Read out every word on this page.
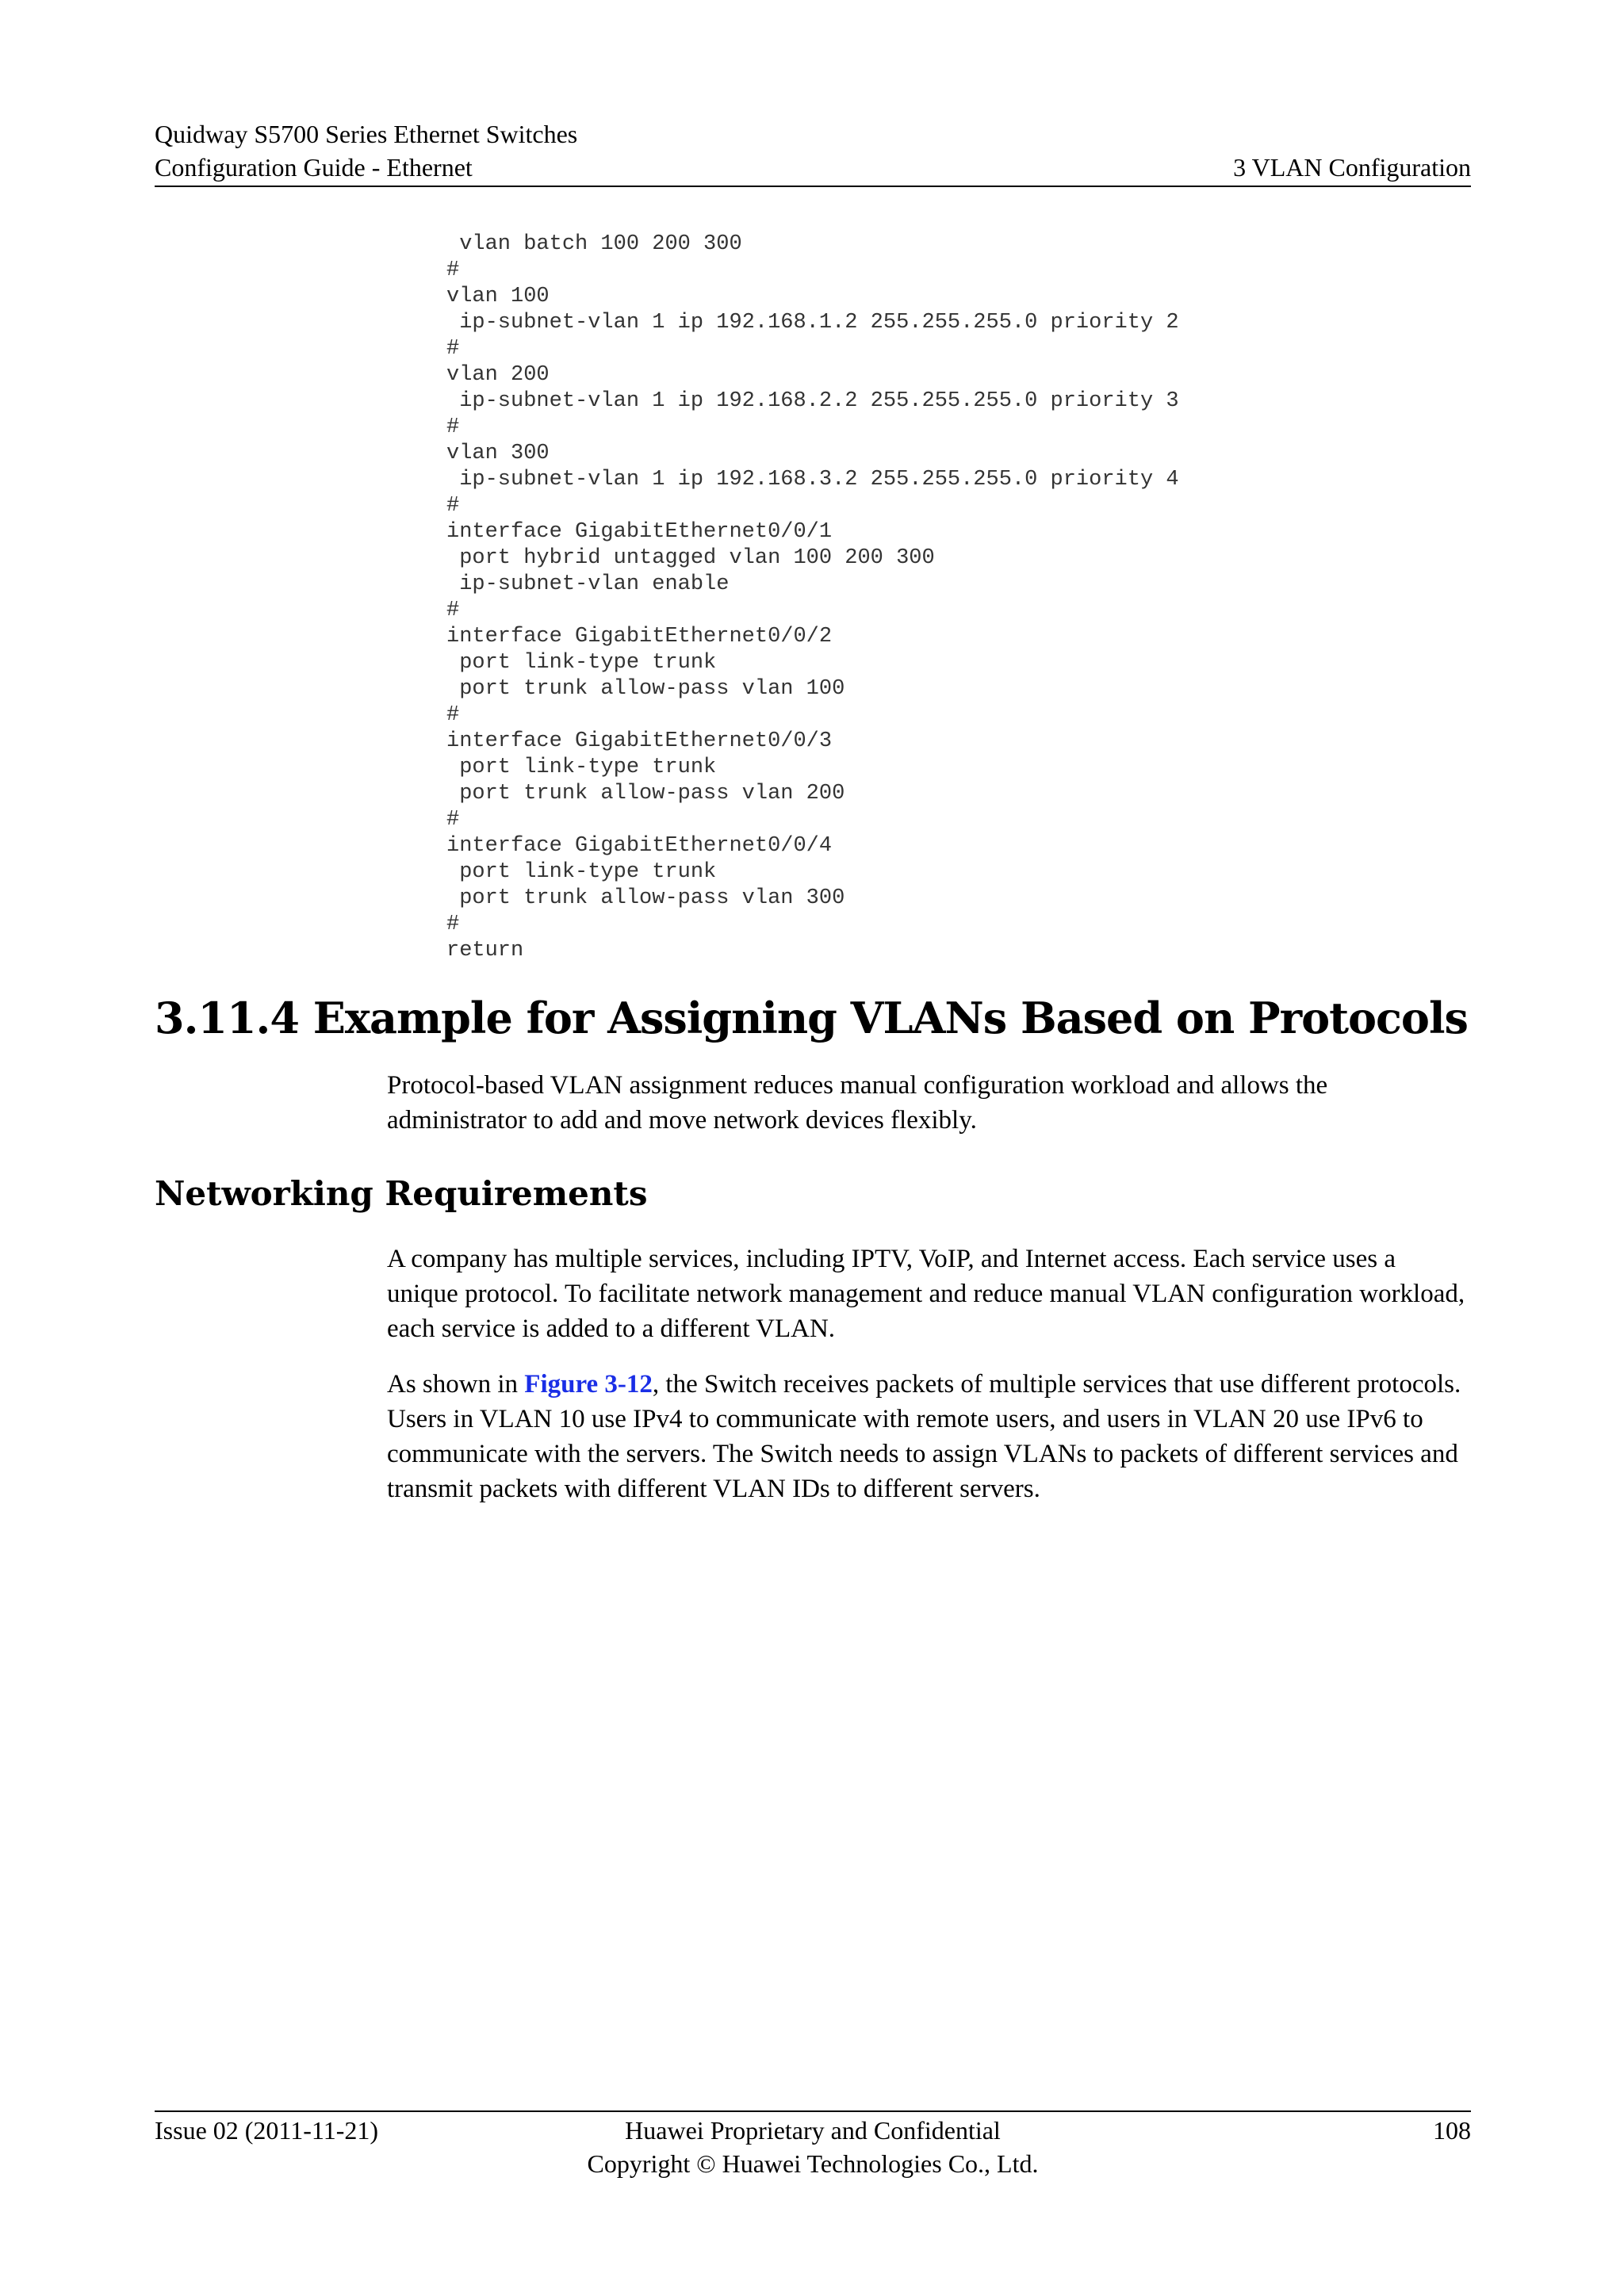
Quidway S5700 Series Ethernet Switches
Configuration Guide - Ethernet	3 VLAN Configuration
vlan batch 100 200 300
#
vlan 100
ip-subnet-vlan 1 ip 192.168.1.2 255.255.255.0 priority 2
#
vlan 200
ip-subnet-vlan 1 ip 192.168.2.2 255.255.255.0 priority 3
#
vlan 300
ip-subnet-vlan 1 ip 192.168.3.2 255.255.255.0 priority 4
#
interface GigabitEthernet0/0/1
port hybrid untagged vlan 100 200 300
ip-subnet-vlan enable
#
interface GigabitEthernet0/0/2
port link-type trunk
port trunk allow-pass vlan 100
#
interface GigabitEthernet0/0/3
port link-type trunk
port trunk allow-pass vlan 200
#
interface GigabitEthernet0/0/4
port link-type trunk
port trunk allow-pass vlan 300
#
return
3.11.4 Example for Assigning VLANs Based on Protocols

Protocol-based VLAN assignment reduces manual configuration workload and allows the administrator to add and move network devices flexibly.

Networking Requirements

A company has multiple services, including IPTV, VoIP, and Internet access. Each service uses a unique protocol. To facilitate network management and reduce manual VLAN configuration workload, each service is added to a different VLAN.

As shown in Figure 3-12, the Switch receives packets of multiple services that use different protocols. Users in VLAN 10 use IPv4 to communicate with remote users, and users in VLAN 20 use IPv6 to communicate with the servers. The Switch needs to assign VLANs to packets of different services and transmit packets with different VLAN IDs to different servers.

Issue 02 (2011-11-21)	Huawei Proprietary and Confidential	108
Copyright © Huawei Technologies Co., Ltd.
